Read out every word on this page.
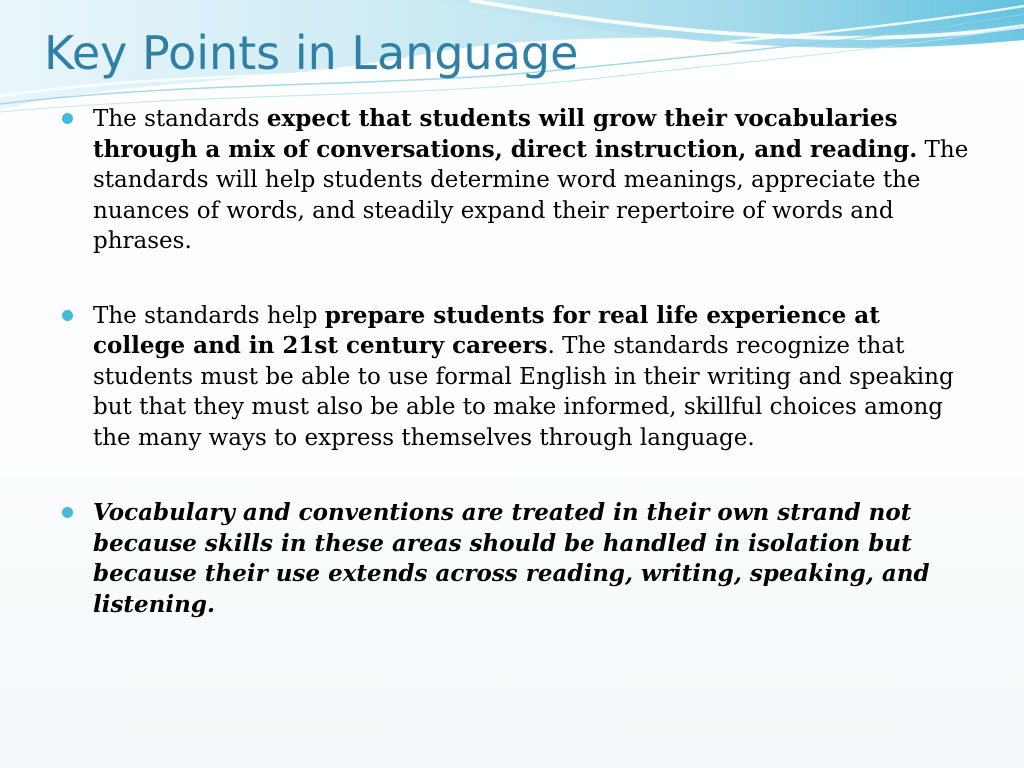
Key Points in Language
The standards expect that students will grow their vocabularies through a mix of conversations, direct instruction, and reading. The standards will help students determine word meanings, appreciate the nuances of words, and steadily expand their repertoire of words and phrases.
The standards help prepare students for real life experience at college and in 21st century careers. The standards recognize that students must be able to use formal English in their writing and speaking but that they must also be able to make informed, skillful choices among the many ways to express themselves through language.
Vocabulary and conventions are treated in their own strand not because skills in these areas should be handled in isolation but because their use extends across reading, writing, speaking, and listening.
